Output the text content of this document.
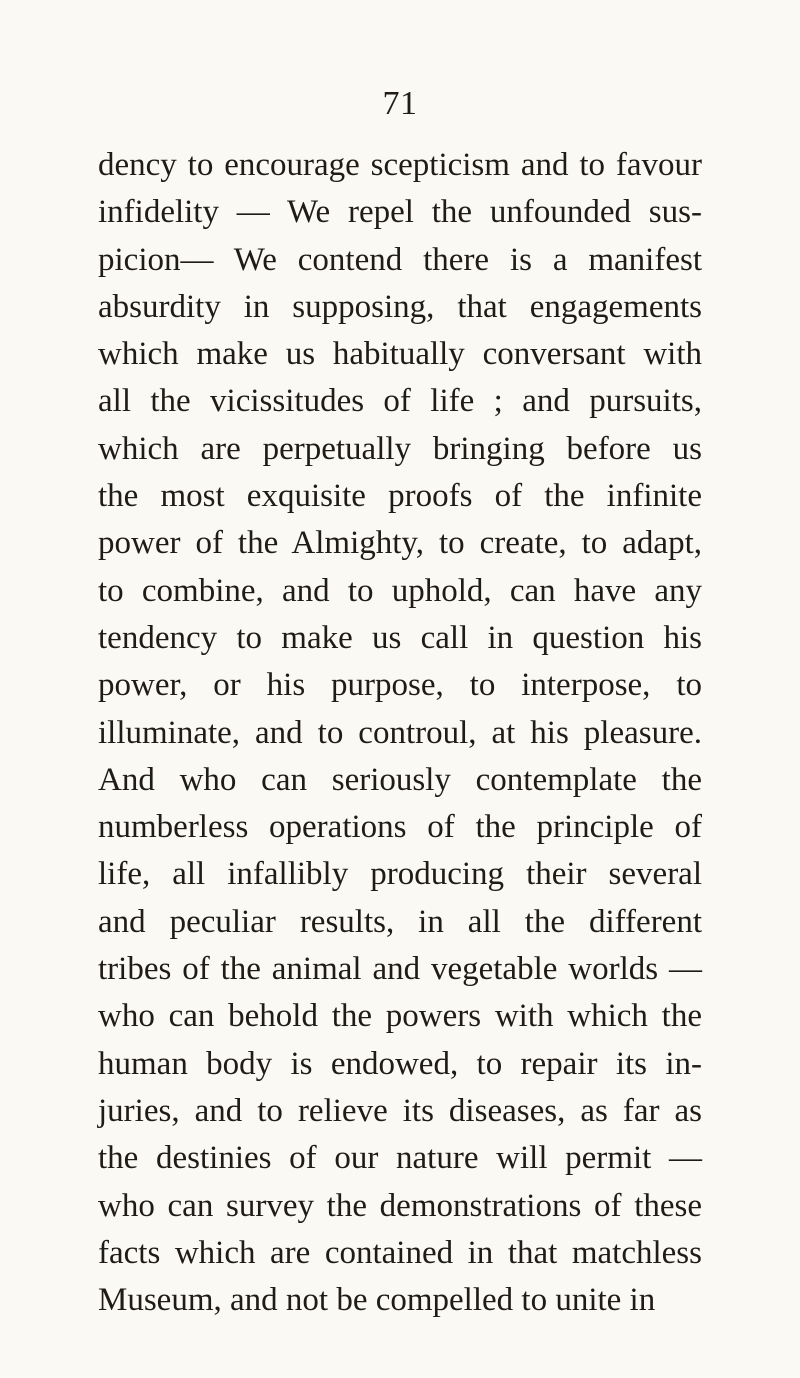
71
dency to encourage scepticism and to favour
infidelity — We repel the unfounded sus-
picion— We contend there is a manifest
absurdity in supposing, that engagements
which make us habitually conversant with
all the vicissitudes of life ; and pursuits,
which are perpetually bringing before us
the most exquisite proofs of the infinite
power of the Almighty, to create, to adapt,
to combine, and to uphold, can have any
tendency to make us call in question his
power, or his purpose, to interpose, to
illuminate, and to controul, at his pleasure.
And who can seriously contemplate the
numberless operations of the principle of
life, all infallibly producing their several
and peculiar results, in all the different
tribes of the animal and vegetable worlds —
who can behold the powers with which the
human body is endowed, to repair its in-
juries, and to relieve its diseases, as far as
the destinies of our nature will permit —
who can survey the demonstrations of these
facts which are contained in that matchless
Museum, and not be compelled to unite in
